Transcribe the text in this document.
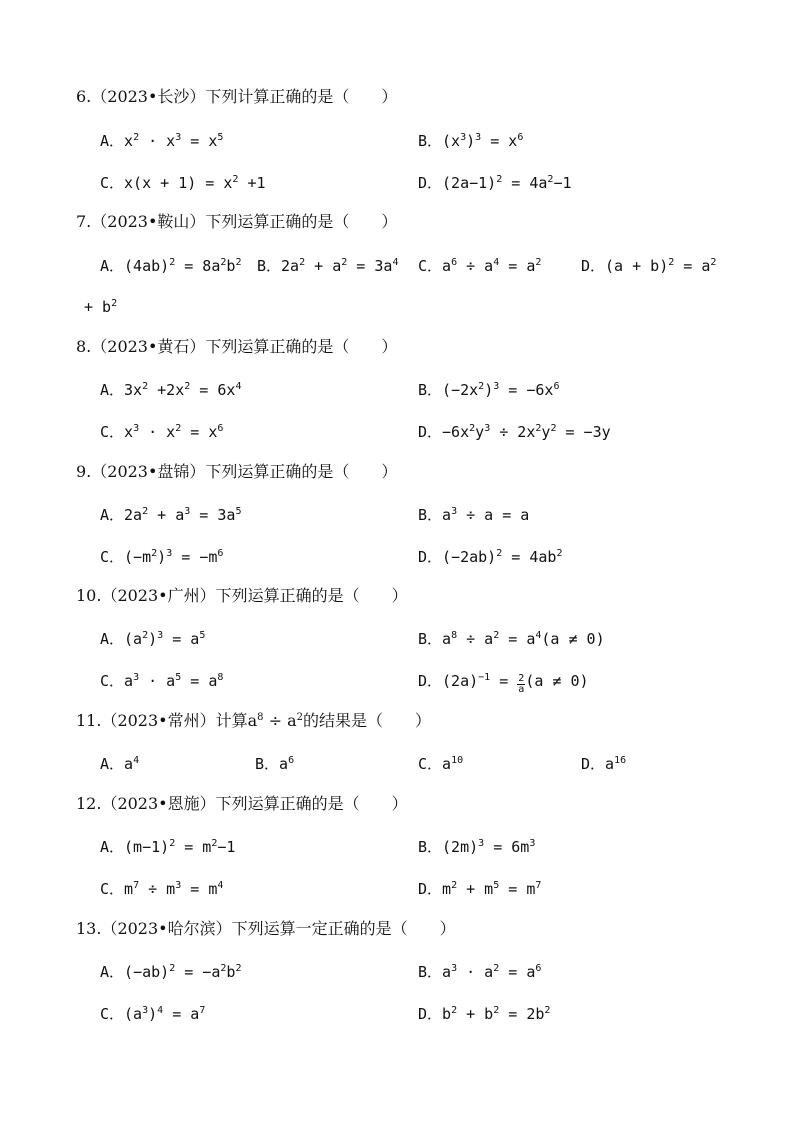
6.（2023•长沙）下列计算正确的是（　　）
A．$x^2 \cdot x^3 = x^5$	B．$(x^3)^3 = x^6$
C．$x(x + 1) = x^2 +1$	D．$(2a-1)^2 = 4a^2-1$
7.（2023•鞍山）下列运算正确的是（　　）
A．$(4ab)^2 = 8a^2b^2$ B．$2a^2 + a^2 = 3a^4$ C．$a^6 \div a^4 = a^2$	D．$(a + b)^2 = a^2$
+ $b^2$
8.（2023•黄石）下列运算正确的是（　　）
A．$3x^2 +2x^2 = 6x^4$	B．$(-2x^2)^3 = -6x^6$
C．$x^3 \cdot x^2 = x^6$	D．$-6x^2y^3 \div 2x^2y^2 = -3y$
9.（2023•盘锦）下列运算正确的是（　　）
A．$2a^2 + a^3 = 3a^5$	B．$a^3 \div a = a$
C．$(-m^2)^3 = -m^6$	D．$(-2ab)^2 = 4ab^2$
10.（2023•广州）下列运算正确的是（　　）
A．$(a^2)^3 = a^5$	B．$a^8 \div a^2 = a^4(a \ne 0)$
C．$a^3 \cdot a^5 = a^8$	D．$(2a)^{-1} = \frac{2}{a} (a \ne 0)$
11.（2023•常州）计算$a^8 \div a^2$的结果是（　　）
A．$a^4$	B．$a^6$	C．$a^{10}$	D．$a^{16}$
12.（2023•恩施）下列运算正确的是（　　）
A．$(m-1)^2 = m^2-1$	B．$(2m)^3 = 6m^3$
C．$m^7 \div m^3 = m^4$	D．$m^2 + m^5 = m^7$
13.（2023•哈尔滨）下列运算一定正确的是（　　）
A．$(-ab)^2 = -a^2b^2$	B．$a^3 \cdot a^2 = a^6$
C．$(a^3)^4 = a^7$	D．$b^2 + b^2 = 2b^2$
